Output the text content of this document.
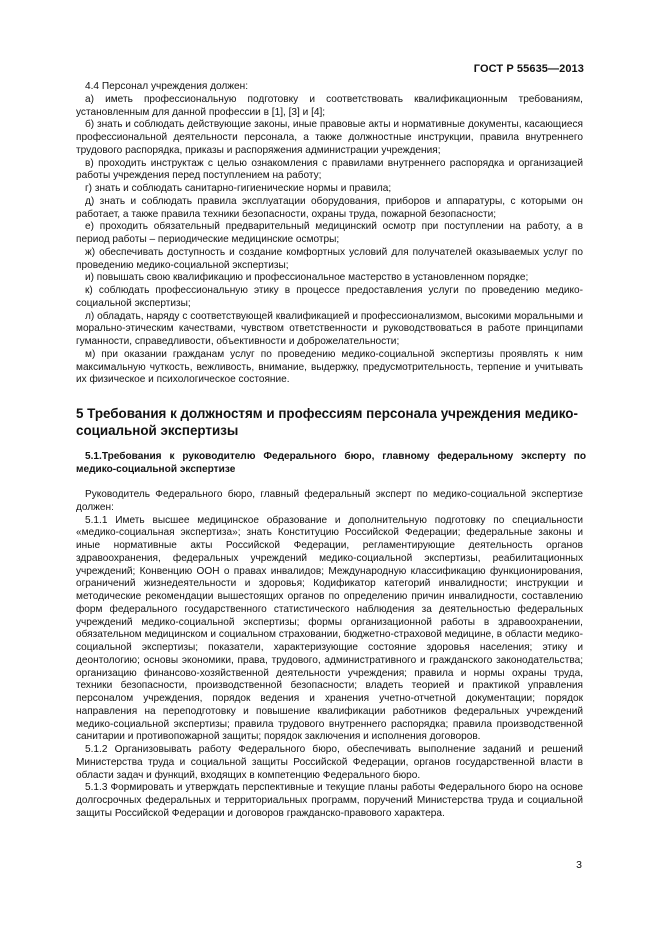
ГОСТ Р 55635—2013

4.4 Персонал учреждения должен:

а) иметь профессиональную подготовку и соответствовать квалификационным требованиям, установленным для данной профессии в [1], [3] и [4];

б) знать и соблюдать действующие законы, иные правовые акты и нормативные документы, касающиеся профессиональной деятельности персонала, а также должностные инструкции, правила внутреннего трудового распорядка, приказы и распоряжения администрации учреждения;

в) проходить инструктаж с целью ознакомления с правилами внутреннего распорядка и организацией работы учреждения перед поступлением на работу;

г) знать и соблюдать санитарно-гигиенические нормы и правила;

д) знать и соблюдать правила эксплуатации оборудования, приборов и аппаратуры, с которыми он работает, а также правила техники безопасности, охраны труда, пожарной безопасности;

е) проходить обязательный предварительный медицинский осмотр при поступлении на работу, а в период работы – периодические медицинские осмотры;

ж) обеспечивать доступность и создание комфортных условий для получателей оказываемых услуг по проведению медико-социальной экспертизы;

и) повышать свою квалификацию и профессиональное мастерство в установленном порядке;

к) соблюдать профессиональную этику в процессе предоставления услуги по проведению медико-социальной экспертизы;

л) обладать, наряду с соответствующей квалификацией и профессионализмом, высокими моральными и морально-этическим качествами, чувством ответственности и руководствоваться в работе принципами гуманности, справедливости, объективности и доброжелательности;

м) при оказании гражданам услуг по проведению медико-социальной экспертизы проявлять к ним максимальную чуткость, вежливость, внимание, выдержку, предусмотрительность, терпение и учитывать их физическое и психологическое состояние.

5 Требования к должностям и профессиям персонала учреждения медико-социальной экспертизы
5.1.Требования к руководителю Федерального бюро, главному федеральному эксперту по медико-социальной экспертизе

Руководитель Федерального бюро, главный федеральный эксперт по медико-социальной экспертизе должен:

5.1.1 Иметь высшее медицинское образование и дополнительную подготовку по специальности «медико-социальная экспертиза»; знать Конституцию Российской Федерации; федеральные законы и иные нормативные акты Российской Федерации, регламентирующие деятельность органов здравоохранения, федеральных учреждений медико-социальной экспертизы, реабилитационных учреждений; Конвенцию ООН о правах инвалидов; Международную классификацию функционирования, ограничений жизнедеятельности и здоровья; Кодификатор категорий инвалидности; инструкции и методические рекомендации вышестоящих органов по определению причин инвалидности, составлению форм федерального государственного статистического наблюдения за деятельностью федеральных учреждений медико-социальной экспертизы; формы организационной работы в здравоохранении, обязательном медицинском и социальном страховании, бюджетно-страховой медицине, в области медико-социальной экспертизы; показатели, характеризующие состояние здоровья населения; этику и деонтологию; основы экономики, права, трудового, административного и гражданского законодательства; организацию финансово-хозяйственной деятельности учреждения; правила и нормы охраны труда, техники безопасности, производственной безопасности; владеть теорией и практикой управления персоналом учреждения, порядок ведения и хранения учетно-отчетной документации; порядок направления на переподготовку и повышение квалификации работников федеральных учреждений медико-социальной экспертизы; правила трудового внутреннего распорядка; правила производственной санитарии и противопожарной защиты; порядок заключения и исполнения договоров.

5.1.2 Организовывать работу Федерального бюро, обеспечивать выполнение заданий и решений Министерства труда и социальной защиты Российской Федерации, органов государственной власти в области задач и функций, входящих в компетенцию Федерального бюро.

5.1.3 Формировать и утверждать перспективные и текущие планы работы Федерального бюро на основе долгосрочных федеральных и территориальных программ, поручений Министерства труда и социальной защиты Российской Федерации и договоров гражданско-правового характера.

3
